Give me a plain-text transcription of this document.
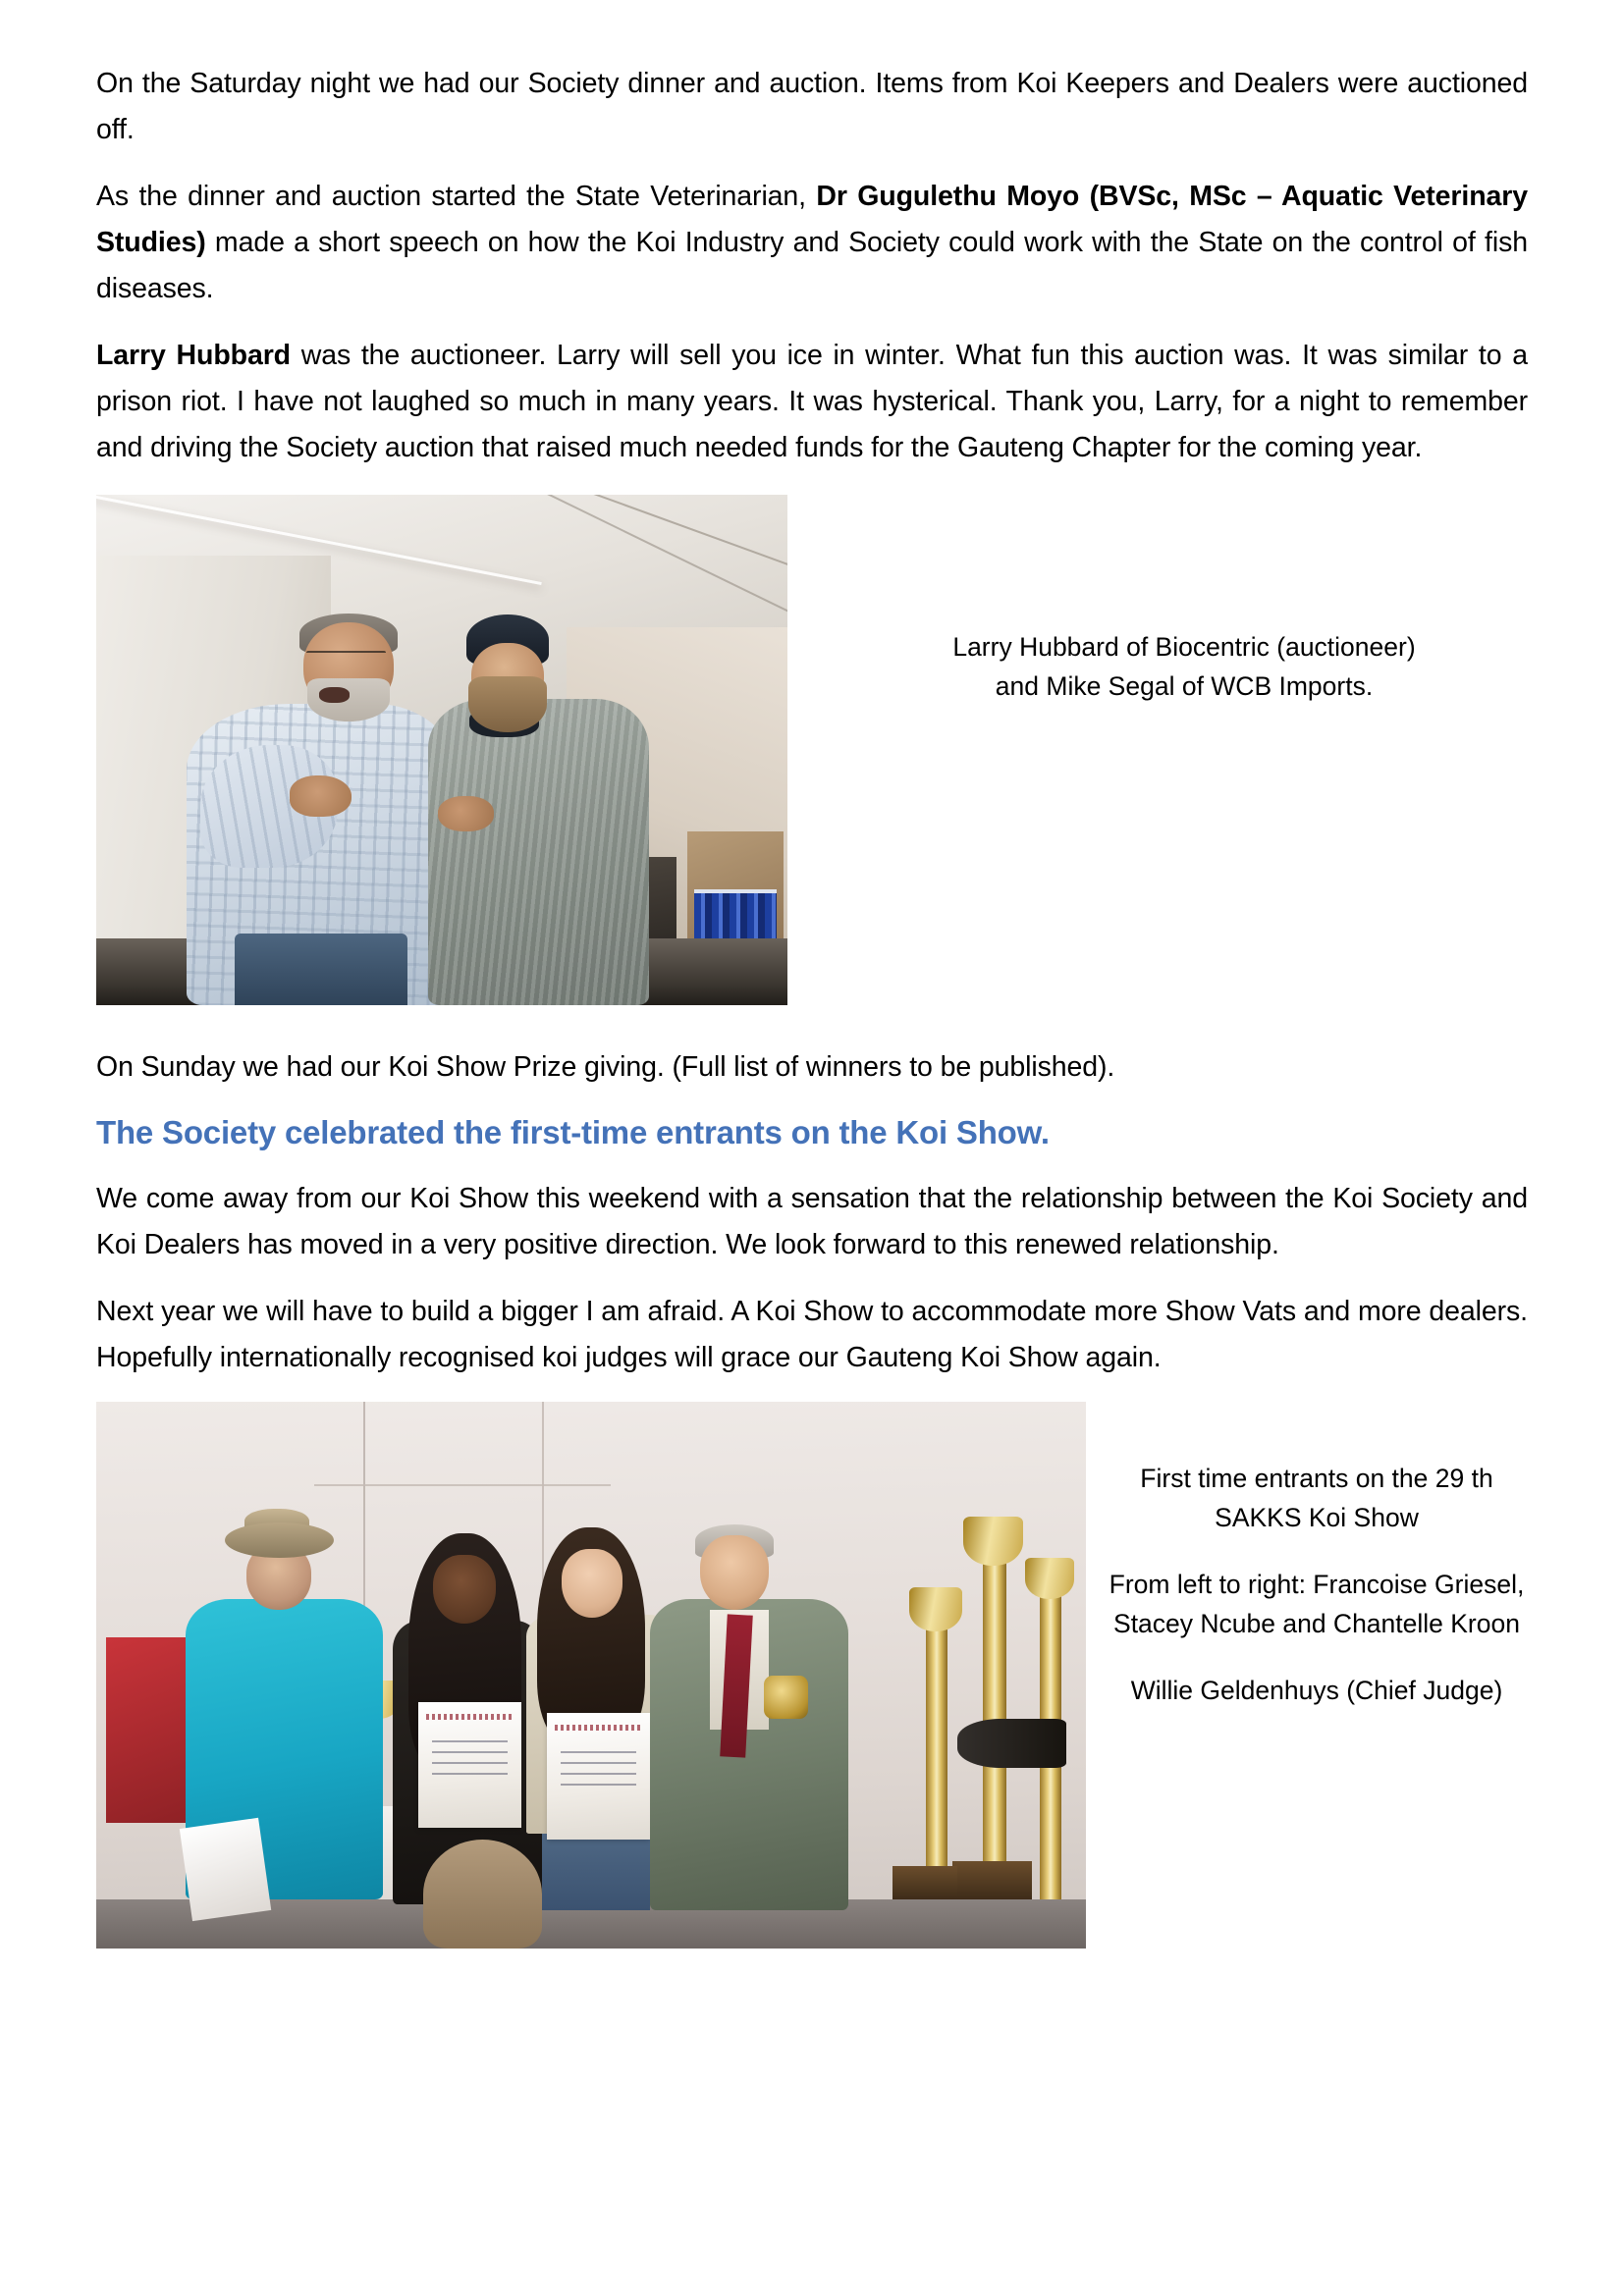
On the Saturday night we had our Society dinner and auction. Items from Koi Keepers and Dealers were auctioned off.

As the dinner and auction started the State Veterinarian, Dr Gugulethu Moyo (BVSc, MSc – Aquatic Veterinary Studies) made a short speech on how the Koi Industry and Society could work with the State on the control of fish diseases.

Larry Hubbard was the auctioneer. Larry will sell you ice in winter. What fun this auction was. It was similar to a prison riot. I have not laughed so much in many years. It was hysterical. Thank you, Larry, for a night to remember and driving the Society auction that raised much needed funds for the Gauteng Chapter for the coming year.

Larry Hubbard of Biocentric (auctioneer)
and Mike Segal of WCB Imports.

On Sunday we had our Koi Show Prize giving. (Full list of winners to be published).

The Society celebrated the first-time entrants on the Koi Show.

We come away from our Koi Show this weekend with a sensation that the relationship between the Koi Society and Koi Dealers has moved in a very positive direction. We look forward to this renewed relationship.

Next year we will have to build a bigger I am afraid. A Koi Show to accommodate more Show Vats and more dealers. Hopefully internationally recognised koi judges will grace our Gauteng Koi Show again.

First time entrants on the 29 th SAKKS Koi Show

From left to right: Francoise Griesel, Stacey Ncube and Chantelle Kroon

Willie Geldenhuys (Chief Judge)
